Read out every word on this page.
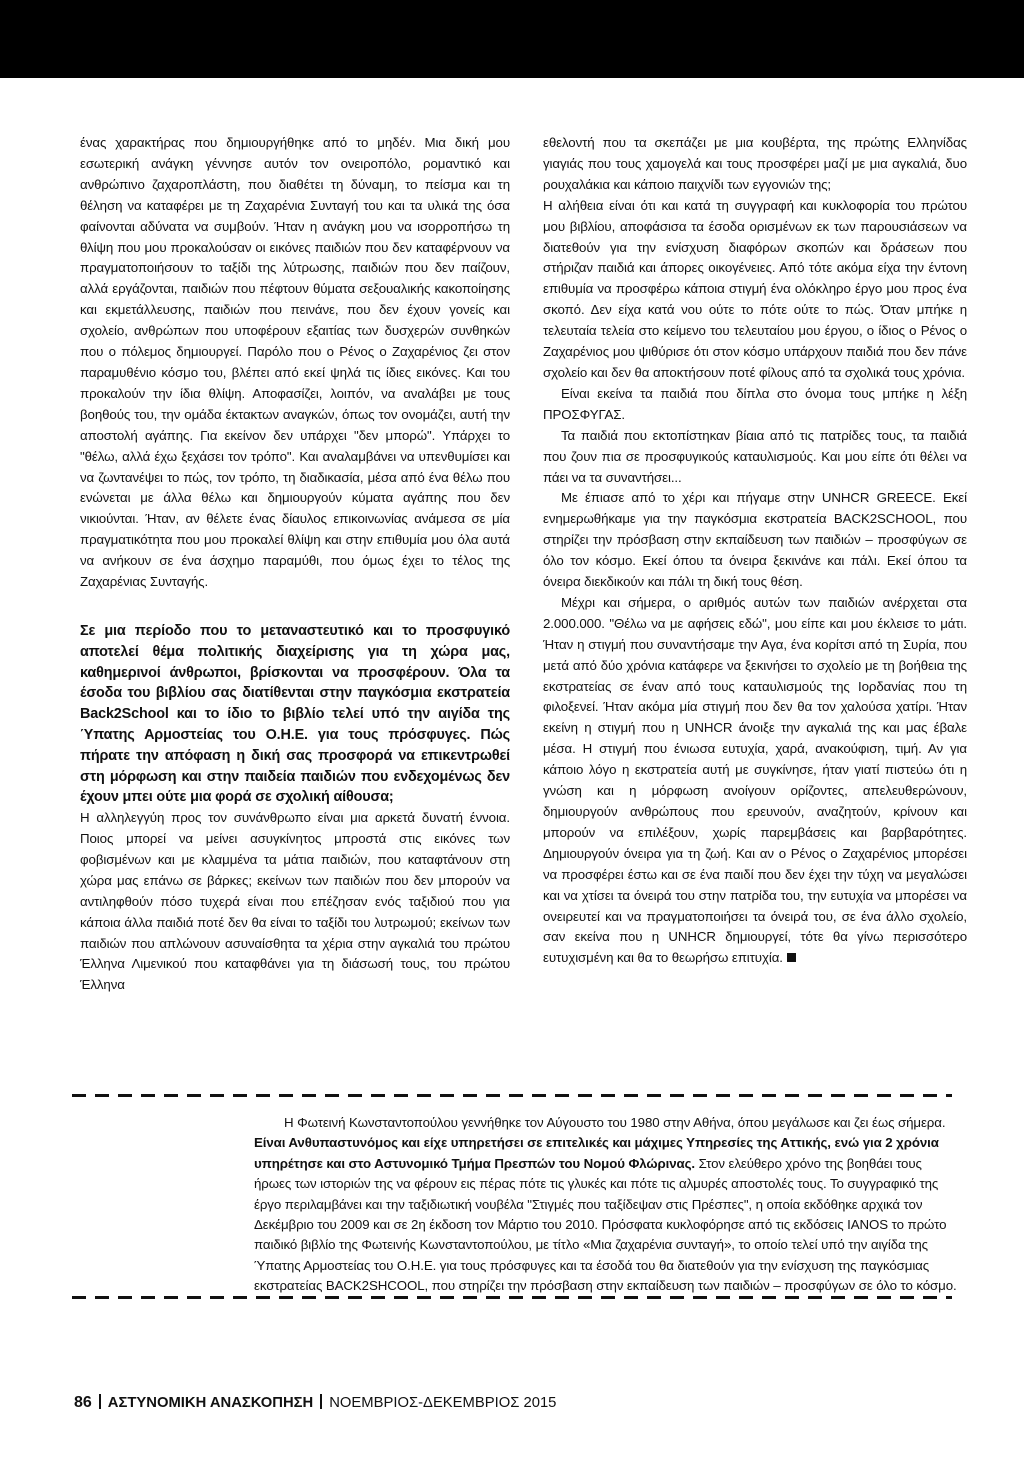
ένας χαρακτήρας που δημιουργήθηκε από το μηδέν. Μια δική μου εσωτερική ανάγκη γέννησε αυτόν τον ονειροπόλο, ρομαντικό και ανθρώπινο ζαχαροπλάστη, που διαθέτει τη δύναμη, το πείσμα και τη θέληση να καταφέρει με τη Ζαχαρένια Συνταγή του και τα υλικά της όσα φαίνονται αδύνατα να συμβούν. Ήταν η ανάγκη μου να ισορροπήσω τη θλίψη που μου προκαλούσαν οι εικόνες παιδιών που δεν καταφέρνουν να πραγματοποιήσουν το ταξίδι της λύτρωσης, παιδιών που δεν παίζουν, αλλά εργάζονται, παιδιών που πέφτουν θύματα σεξουαλικής κακοποίησης και εκμετάλλευσης, παιδιών που πεινάνε, που δεν έχουν γονείς και σχολείο, ανθρώπων που υποφέρουν εξαιτίας των δυσχερών συνθηκών που ο πόλεμος δημιουργεί. Παρόλο που ο Ρένος ο Ζαχαρένιος ζει στον παραμυθένιο κόσμο του, βλέπει από εκεί ψηλά τις ίδιες εικόνες. Και του προκαλούν την ίδια θλίψη. Αποφασίζει, λοιπόν, να αναλάβει με τους βοηθούς του, την ομάδα έκτακτων αναγκών, όπως τον ονομάζει, αυτή την αποστολή αγάπης. Για εκείνον δεν υπάρχει "δεν μπορώ". Υπάρχει το "θέλω, αλλά έχω ξεχάσει τον τρόπο". Και αναλαμβάνει να υπενθυμίσει και να ζωντανέψει το πώς, τον τρόπο, τη διαδικασία, μέσα από ένα θέλω που ενώνεται με άλλα θέλω και δημιουργούν κύματα αγάπης που δεν νικιούνται. Ήταν, αν θέλετε ένας δίαυλος επικοινωνίας ανάμεσα σε μία πραγματικότητα που μου προκαλεί θλίψη και στην επιθυμία μου όλα αυτά να ανήκουν σε ένα άσχημο παραμύθι, που όμως έχει το τέλος της Ζαχαρένιας Συνταγής.

Σε μια περίοδο που το μεταναστευτικό και το προσφυγικό αποτελεί θέμα πολιτικής διαχείρισης για τη χώρα μας, καθημερινοί άνθρωποι, βρίσκονται να προσφέρουν. Όλα τα έσοδα του βιβλίου σας διατίθενται στην παγκόσμια εκστρατεία Back2School και το ίδιο το βιβλίο τελεί υπό την αιγίδα της Ύπατης Αρμοστείας του Ο.Η.Ε. για τους πρόσφυγες. Πώς πήρατε την απόφαση η δική σας προσφορά να επικεντρωθεί στη μόρφωση και στην παιδεία παιδιών που ενδεχομένως δεν έχουν μπει ούτε μια φορά σε σχολική αίθουσα;

Η αλληλεγγύη προς τον συνάνθρωπο είναι μια αρκετά δυνατή έννοια. Ποιος μπορεί να μείνει ασυγκίνητος μπροστά στις εικόνες των φοβισμένων και με κλαμμένα τα μάτια παιδιών, που καταφτάνουν στη χώρα μας επάνω σε βάρκες; εκείνων των παιδιών που δεν μπορούν να αντιληφθούν πόσο τυχερά είναι που επέζησαν ενός ταξιδιού που για κάποια άλλα παιδιά ποτέ δεν θα είναι το ταξίδι του λυτρωμού; εκείνων των παιδιών που απλώνουν ασυναίσθητα τα χέρια στην αγκαλιά του πρώτου Έλληνα Λιμενικού που καταφθάνει για τη διάσωσή τους, του πρώτου Έλληνα

εθελοντή που τα σκεπάζει με μια κουβέρτα, της πρώτης Ελληνίδας γιαγιάς που τους χαμογελά και τους προσφέρει μαζί με μια αγκαλιά, δυο ρουχαλάκια και κάποιο παιχνίδι των εγγονιών της;

Η αλήθεια είναι ότι και κατά τη συγγραφή και κυκλοφορία του πρώτου μου βιβλίου, αποφάσισα τα έσοδα ορισμένων εκ των παρουσιάσεων να διατεθούν για την ενίσχυση διαφόρων σκοπών και δράσεων που στήριζαν παιδιά και άπορες οικογένειες. Από τότε ακόμα είχα την έντονη επιθυμία να προσφέρω κάποια στιγμή ένα ολόκληρο έργο μου προς ένα σκοπό. Δεν είχα κατά νου ούτε το πότε ούτε το πώς. Όταν μπήκε η τελευταία τελεία στο κείμενο του τελευταίου μου έργου, ο ίδιος ο Ρένος ο Ζαχαρένιος μου ψιθύρισε ότι στον κόσμο υπάρχουν παιδιά που δεν πάνε σχολείο και δεν θα αποκτήσουν ποτέ φίλους από τα σχολικά τους χρόνια.

Είναι εκείνα τα παιδιά που δίπλα στο όνομα τους μπήκε η λέξη ΠΡΟΣΦΥΓΑΣ.

Τα παιδιά που εκτοπίστηκαν βίαια από τις πατρίδες τους, τα παιδιά που ζουν πια σε προσφυγικούς καταυλισμούς. Και μου είπε ότι θέλει να πάει να τα συναντήσει...

Με έπιασε από το χέρι και πήγαμε στην UNHCR GREECE. Εκεί ενημερωθήκαμε για την παγκόσμια εκστρατεία BACK2SCHOOL, που στηρίζει την πρόσβαση στην εκπαίδευση των παιδιών – προσφύγων σε όλο τον κόσμο. Εκεί όπου τα όνειρα ξεκινάνε και πάλι. Εκεί όπου τα όνειρα διεκδικούν και πάλι τη δική τους θέση.

Μέχρι και σήμερα, ο αριθμός αυτών των παιδιών ανέρχεται στα 2.000.000. "Θέλω να με αφήσεις εδώ", μου είπε και μου έκλεισε το μάτι. Ήταν η στιγμή που συναντήσαμε την Αγα, ένα κορίτσι από τη Συρία, που μετά από δύο χρόνια κατάφερε να ξεκινήσει το σχολείο με τη βοήθεια της εκστρατείας σε έναν από τους καταυλισμούς της Ιορδανίας που τη φιλοξενεί. Ήταν ακόμα μία στιγμή που δεν θα τον χαλούσα χατίρι. Ήταν εκείνη η στιγμή που η UNHCR άνοιξε την αγκαλιά της και μας έβαλε μέσα. Η στιγμή που ένιωσα ευτυχία, χαρά, ανακούφιση, τιμή. Αν για κάποιο λόγο η εκστρατεία αυτή με συγκίνησε, ήταν γιατί πιστεύω ότι η γνώση και η μόρφωση ανοίγουν ορίζοντες, απελευθερώνουν, δημιουργούν ανθρώπους που ερευνούν, αναζητούν, κρίνουν και μπορούν να επιλέξουν, χωρίς παρεμβάσεις και βαρβαρότητες. Δημιουργούν όνειρα για τη ζωή. Και αν ο Ρένος ο Ζαχαρένιος μπορέσει να προσφέρει έστω και σε ένα παιδί που δεν έχει την τύχη να μεγαλώσει και να χτίσει τα όνειρά του στην πατρίδα του, την ευτυχία να μπορέσει να ονειρευτεί και να πραγματοποιήσει τα όνειρά του, σε ένα άλλο σχολείο, σαν εκείνα που η UNHCR δημιουργεί, τότε θα γίνω περισσότερο ευτυχισμένη και θα το θεωρήσω επιτυχία.

Η Φωτεινή Κωνσταντοπούλου γεννήθηκε τον Αύγουστο του 1980 στην Αθήνα, όπου μεγάλωσε και ζει έως σήμερα. Είναι Ανθυπαστυνόμος και είχε υπηρετήσει σε επιτελικές και μάχιμες Υπηρεσίες της Αττικής, ενώ για 2 χρόνια υπηρέτησε και στο Αστυνομικό Τμήμα Πρεσπών του Νομού Φλώρινας. Στον ελεύθερο χρόνο της βοηθάει τους ήρωες των ιστοριών της να φέρουν εις πέρας πότε τις γλυκές και πότε τις αλμυρές αποστολές τους. Το συγγραφικό της έργο περιλαμβάνει και την ταξιδιωτική νουβέλα "Στιγμές που ταξίδεψαν στις Πρέσπες", η οποία εκδόθηκε αρχικά τον Δεκέμβριο του 2009 και σε 2η έκδοση τον Μάρτιο του 2010. Πρόσφατα κυκλοφόρησε από τις εκδόσεις ΙΑΝΟS το πρώτο παιδικό βιβλίο της Φωτεινής Κωνσταντοπούλου, με τίτλο «Μια ζαχαρένια συνταγή», το οποίο τελεί υπό την αιγίδα της Ύπατης Αρμοστείας του Ο.Η.Ε. για τους πρόσφυγες και τα έσοδά του θα διατεθούν για την ενίσχυση της παγκόσμιας εκστρατείας BACK2SHCOOL, που στηρίζει την πρόσβαση στην εκπαίδευση των παιδιών – προσφύγων σε όλο το κόσμο.

86 ΑΣΤΥΝΟΜΙΚΗ ΑΝΑΣΚΟΠΗΣΗ ΝΟΕΜΒΡΙΟΣ-ΔΕΚΕΜΒΡΙΟΣ 2015
